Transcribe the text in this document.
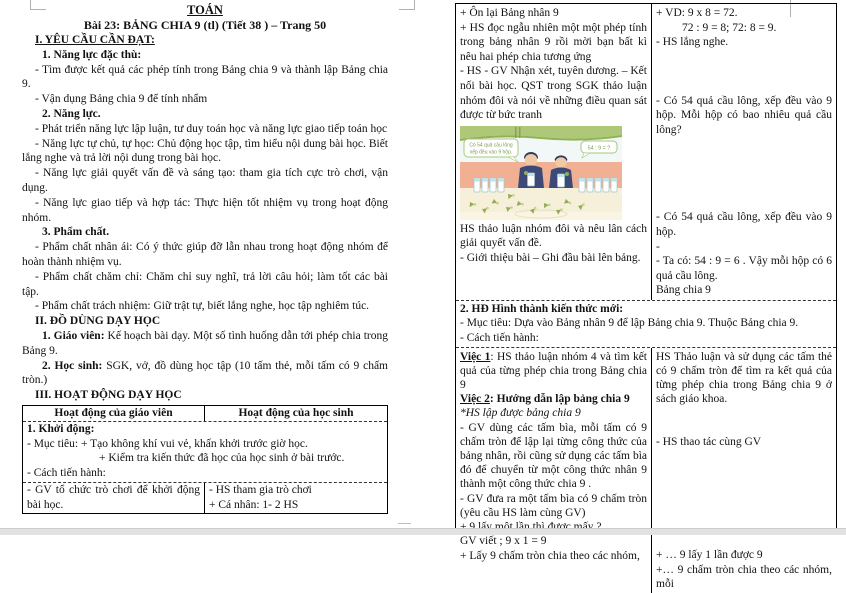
TOÁN
Bài 23: BẢNG CHIA 9 (tl) (Tiết 38 ) – Trang 50
I. YÊU CẦU CẦN ĐẠT:
1. Năng lực đặc thù:
- Tìm được kết quả các phép tính trong Bảng chia 9 và thành lập Bảng chia 9.
- Vận dụng Bảng chia 9 để tính nhẩm
2. Năng lực.
- Phát triển năng lực lập luận, tư duy toán học và năng lực giao tiếp toán học
- Năng lực tự chủ, tự học: Chủ động học tập, tìm hiểu nội dung bài học. Biết lắng nghe và trả lời nội dung trong bài học.
- Năng lực giải quyết vấn đề và sáng tạo: tham gia tích cực trò chơi, vận dụng.
- Năng lực giao tiếp và hợp tác: Thực hiện tốt nhiệm vụ trong hoạt động nhóm.
3. Phẩm chất.
- Phẩm chất nhân ái: Có ý thức giúp đỡ lẫn nhau trong hoạt động nhóm để hoàn thành nhiệm vụ.
- Phẩm chất chăm chỉ: Chăm chỉ suy nghĩ, trả lời câu hỏi; làm tốt các bài tập.
- Phẩm chất trách nhiệm: Giữ trật tự, biết lắng nghe, học tập nghiêm túc.
II. ĐỒ DÙNG DẠY HỌC
1. Giáo viên: Kế hoạch bài dạy. Một số tình huống dẫn tới phép chia trong Bảng 9.
2. Học sinh: SGK, vở, đồ dùng học tập (10 tấm thẻ, mỗi tấm có 9 chấm tròn.)
III. HOẠT ĐỘNG DẠY HỌC
Hoạt động của giáo viên	Hoạt động của học sinh
1. Khởi động:
- Mục tiêu: + Tạo không khí vui vẻ, khấn khởi trước giờ học.
+ Kiểm tra kiến thức đã học của học sinh ở bài trước.
- Cách tiến hành:
- GV tổ chức trò chơi để khởi động bài học.
- HS tham gia trò chơi
+ Cá nhân: 1- 2 HS
+ Ôn lại Bảng nhân 9
+ HS đọc ngẫu nhiên một một phép tính trong bảng nhân 9 rồi mời bạn bất kì nêu hai phép chia tương ứng
- HS - GV Nhận xét, tuyên dương. – Kết nối bài học. QST trong SGK thảo luận nhóm đôi và nói về những điều quan sát được từ bức tranh
Có 54 quả cầu lông
xếp đều vào 9 hộp.
54 : 9 = ?
HS thảo luận nhóm đôi và nêu lân cách giải quyết vấn đề.
- Giới thiệu bài – Ghi đầu bài lên bảng.
+ VD: 9 x 8 = 72.
72 : 9 = 8; 72: 8 = 9.
- HS lắng nghe.
- Có 54 quả cầu lông, xếp đều vào 9 hộp. Mỗi hộp có bao nhiêu quả cầu lông?
- Có 54 quả cầu lông, xếp đều vào 9 hộp.
-
- Ta có: 54 : 9 = 6 . Vậy mỗi hộp có 6 quả cầu lông.
Bảng chia 9
2. HĐ Hình thành kiến thức mới:
- Mục tiêu: Dựa vào Bảng nhân 9 để lập Bảng chia 9. Thuộc Bảng chia 9.
- Cách tiến hành:
Việc 1: HS thảo luận nhóm 4 và tìm kết quả của từng phép chia trong Bảng chia 9
Việc 2: Hướng dẫn lập bảng chia 9
*HS lập được bảng chia 9
- GV dùng các tấm bìa, mỗi tấm có 9 chấm tròn để lập lại từng công thức của bảng nhân, rồi cũng sử dụng các tấm bìa đó để chuyển từ một công thức nhân 9 thành một công thức chia 9 .
- GV đưa ra một tấm bìa có 9 chấm tròn (yêu cầu HS làm cùng GV)
GV viết ; 9 x 1 = 9
+ Lấy 9 chấm tròn chia theo các nhóm,
HS Thảo luận và sử dụng các tấm thẻ có 9 chấm tròn để tìm ra kết quả của từng phép chia trong Bảng chia 9 ở sách giáo khoa.
- HS thao tác cùng GV
+ … 9 lấy 1 lần được 9
+… 9 chấm tròn chia theo các nhóm, mỗi
